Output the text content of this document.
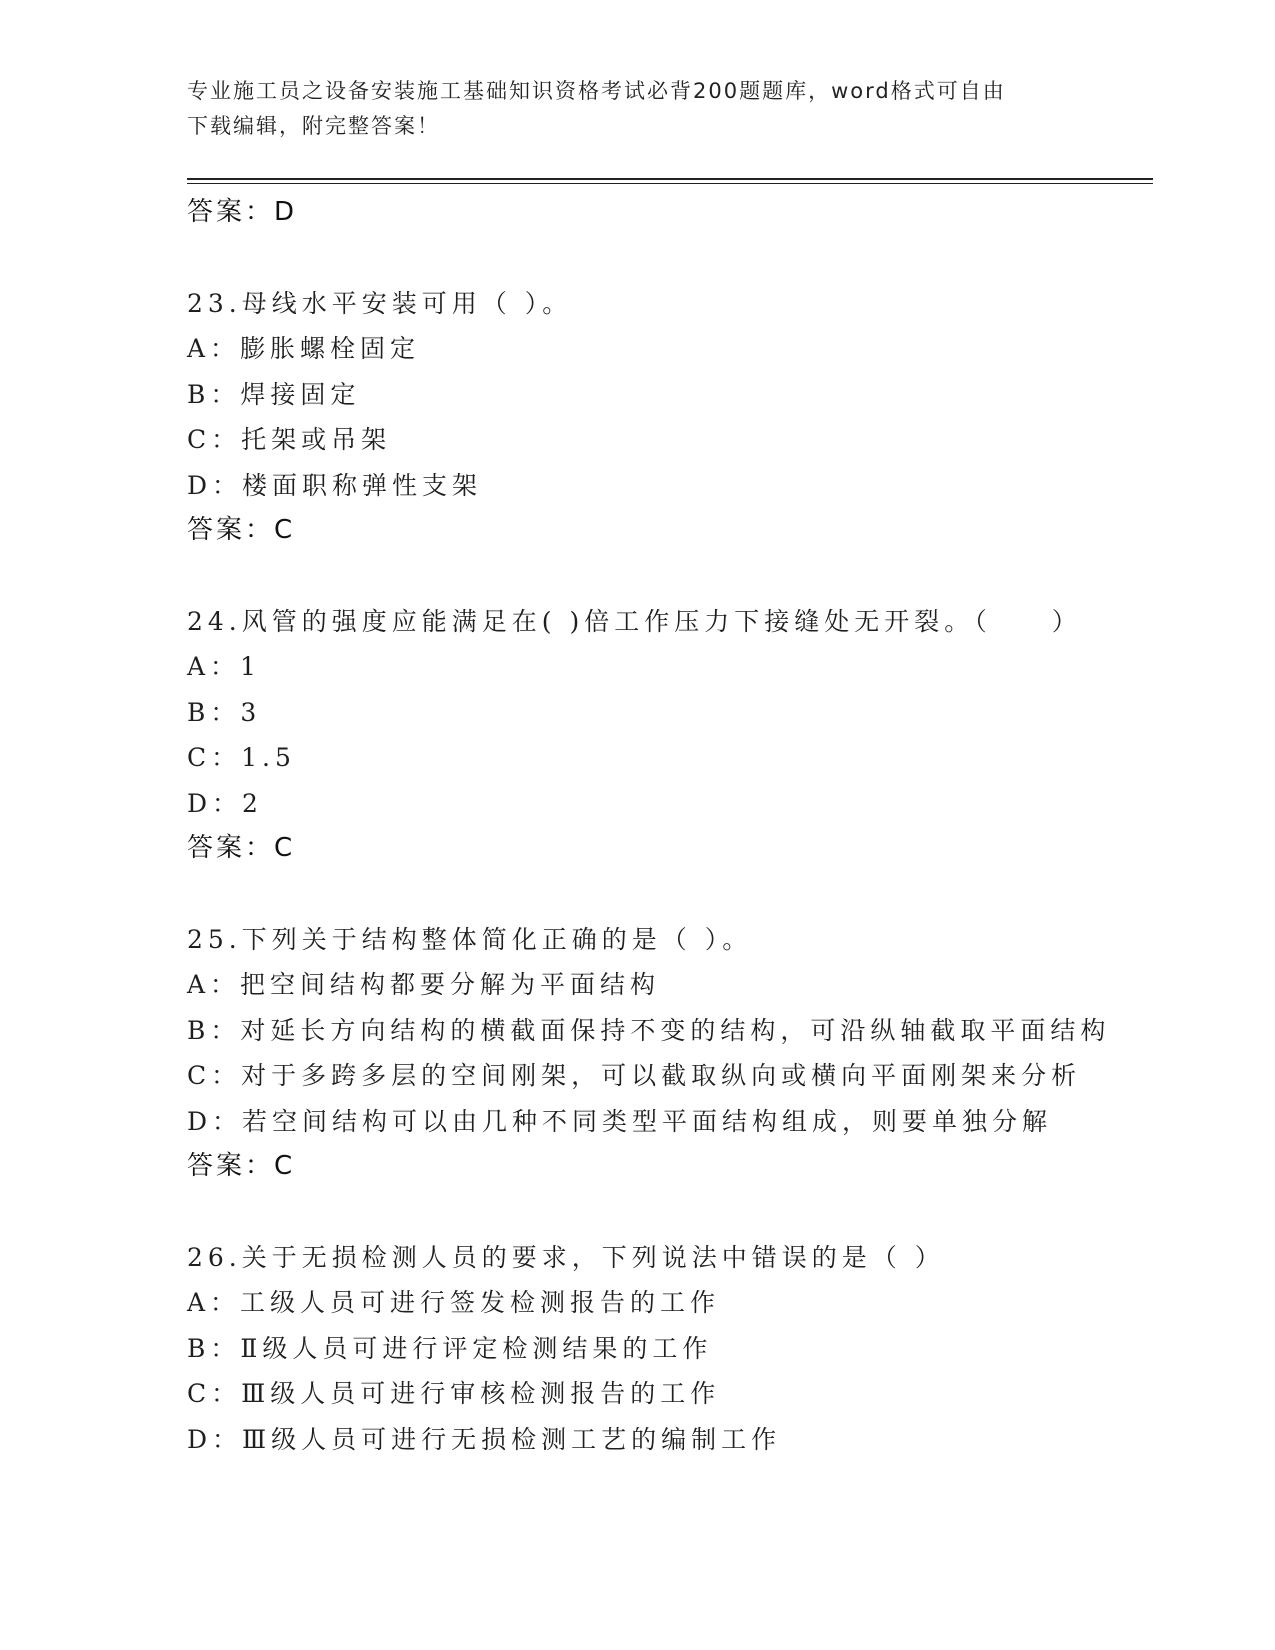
专业施工员之设备安装施工基础知识资格考试必背200题题库，word格式可自由
下载编辑，附完整答案！
答案：D
23.母线水平安装可用（ ）。
A：膨胀螺栓固定
B：焊接固定
C：托架或吊架
D：楼面职称弹性支架
答案：C
24.风管的强度应能满足在( )倍工作压力下接缝处无开裂。（　　）
A：1
B：3
C：1.5
D：2
答案：C
25.下列关于结构整体简化正确的是（ ）。
A：把空间结构都要分解为平面结构
B：对延长方向结构的横截面保持不变的结构，可沿纵轴截取平面结构
C：对于多跨多层的空间刚架，可以截取纵向或横向平面刚架来分析
D：若空间结构可以由几种不同类型平面结构组成，则要单独分解
答案：C
26.关于无损检测人员的要求，下列说法中错误的是（ ）
A：工级人员可进行签发检测报告的工作
B：Ⅱ级人员可进行评定检测结果的工作
C：Ⅲ级人员可进行审核检测报告的工作
D：Ⅲ级人员可进行无损检测工艺的编制工作
